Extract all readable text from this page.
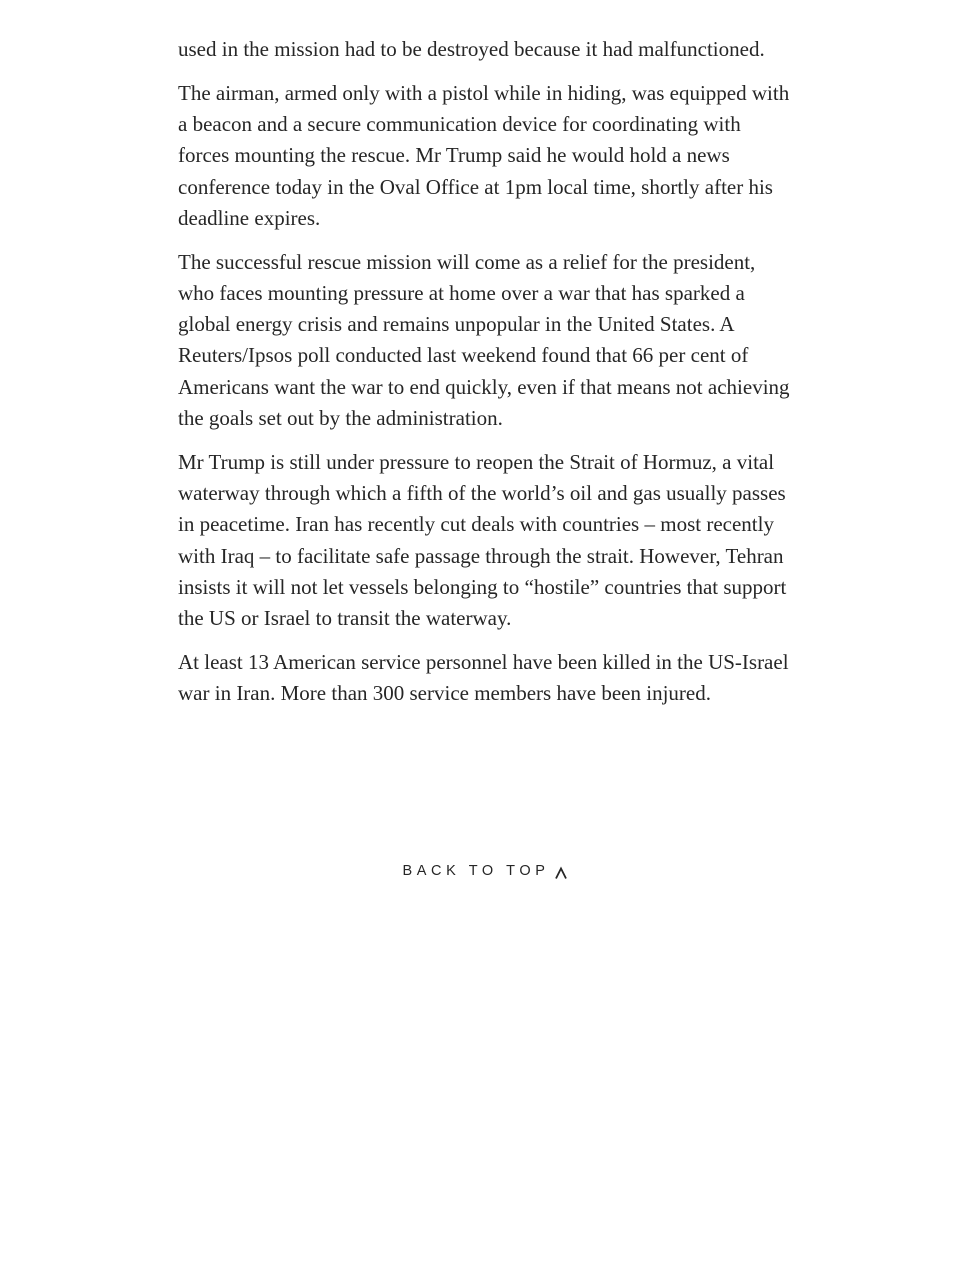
used in the mission had to be destroyed because it had malfunctioned.

The airman, armed only with a pistol while in hiding, was equipped with a beacon and a secure communication device for coordinating with forces mounting the rescue. Mr Trump said he would hold a news conference today in the Oval Office at 1pm local time, shortly after his deadline expires.

The successful rescue mission will come as a relief for the president, who faces mounting pressure at home over a war that has sparked a global energy crisis and remains unpopular in the United States. A Reuters/Ipsos poll conducted last weekend found that 66 per cent of Americans want the war to end quickly, even if that means not achieving the goals set out by the administration.

Mr Trump is still under pressure to reopen the Strait of Hormuz, a vital waterway through which a fifth of the world’s oil and gas usually passes in peacetime. Iran has recently cut deals with countries – most recently with Iraq – to facilitate safe passage through the strait. However, Tehran insists it will not let vessels belonging to “hostile” countries that support the US or Israel to transit the waterway.

At least 13 American service personnel have been killed in the US-Israel war in Iran. More than 300 service members have been injured.

BACK TO TOP
